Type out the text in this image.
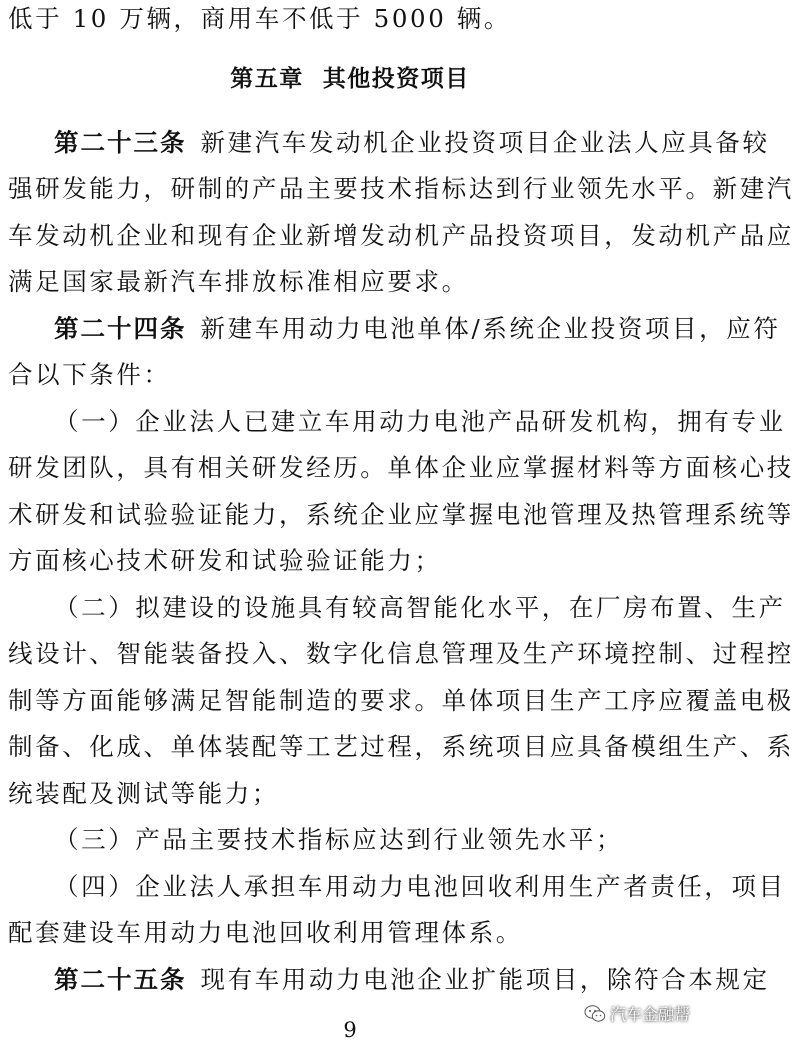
低于 10 万辆，商用车不低于 5000 辆。
第五章  其他投资项目
第二十三条 新建汽车发动机企业投资项目企业法人应具备较
强研发能力，研制的产品主要技术指标达到行业领先水平。新建汽
车发动机企业和现有企业新增发动机产品投资项目，发动机产品应
满足国家最新汽车排放标准相应要求。
第二十四条 新建车用动力电池单体/系统企业投资项目，应符
合以下条件：
（一）企业法人已建立车用动力电池产品研发机构，拥有专业
研发团队，具有相关研发经历。单体企业应掌握材料等方面核心技
术研发和试验验证能力，系统企业应掌握电池管理及热管理系统等
方面核心技术研发和试验验证能力；
（二）拟建设的设施具有较高智能化水平，在厂房布置、生产
线设计、智能装备投入、数字化信息管理及生产环境控制、过程控
制等方面能够满足智能制造的要求。单体项目生产工序应覆盖电极
制备、化成、单体装配等工艺过程，系统项目应具备模组生产、系
统装配及测试等能力；
（三）产品主要技术指标应达到行业领先水平；
（四）企业法人承担车用动力电池回收利用生产者责任，项目
配套建设车用动力电池回收利用管理体系。
第二十五条 现有车用动力电池企业扩能项目，除符合本规定
9
汽车金融帮
